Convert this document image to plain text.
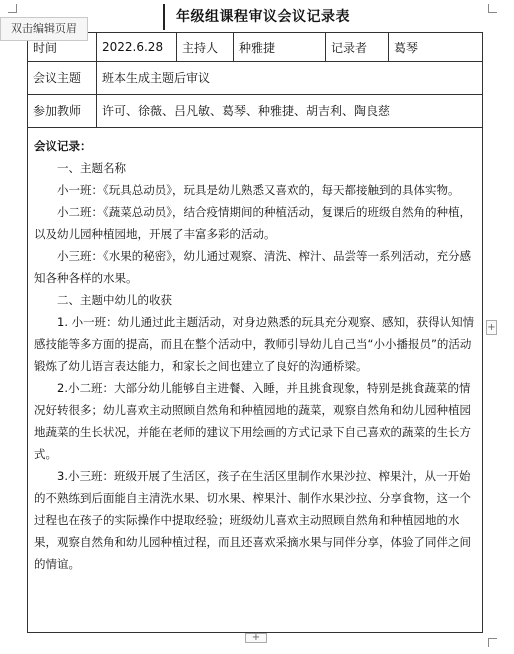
双击编辑页眉
年级组课程审议会议记录表
时间	2022.6.28	主持人	种雅捷	记录者	葛琴
会议主题	班本生成主题后审议
参加教师	许可、徐薇、吕凡敏、葛琴、种雅捷、胡吉利、陶良慈

会议记录：

一、主题名称

小一班：《玩具总动员》，玩具是幼儿熟悉又喜欢的，每天都接触到的具体实物。

小二班：《蔬菜总动员》，结合疫情期间的种植活动，复课后的班级自然角的种植，以及幼儿园种植园地，开展了丰富多彩的活动。

小三班：《水果的秘密》，幼儿通过观察、清洗、榨汁、品尝等一系列活动，充分感知各种各样的水果。

二、主题中幼儿的收获

1. 小一班：幼儿通过此主题活动，对身边熟悉的玩具充分观察、感知，获得认知情感技能等多方面的提高，而且在整个活动中，教师引导幼儿自己当“小小播报员”的活动锻炼了幼儿语言表达能力，和家长之间也建立了良好的沟通桥梁。

2.小二班：大部分幼儿能够自主进餐、入睡，并且挑食现象，特别是挑食蔬菜的情况好转很多；幼儿喜欢主动照顾自然角和种植园地的蔬菜，观察自然角和幼儿园种植园地蔬菜的生长状况，并能在老师的建议下用绘画的方式记录下自己喜欢的蔬菜的生长方式。

3.小三班：班级开展了生活区，孩子在生活区里制作水果沙拉、榨果汁，从一开始的不熟练到后面能自主清洗水果、切水果、榨果汁、制作水果沙拉、分享食物，这一个过程也在孩子的实际操作中提取经验；班级幼儿喜欢主动照顾自然角和种植园地的水果，观察自然角和幼儿园种植过程，而且还喜欢采摘水果与同伴分享，体验了同伴之间的情谊。

+
+
